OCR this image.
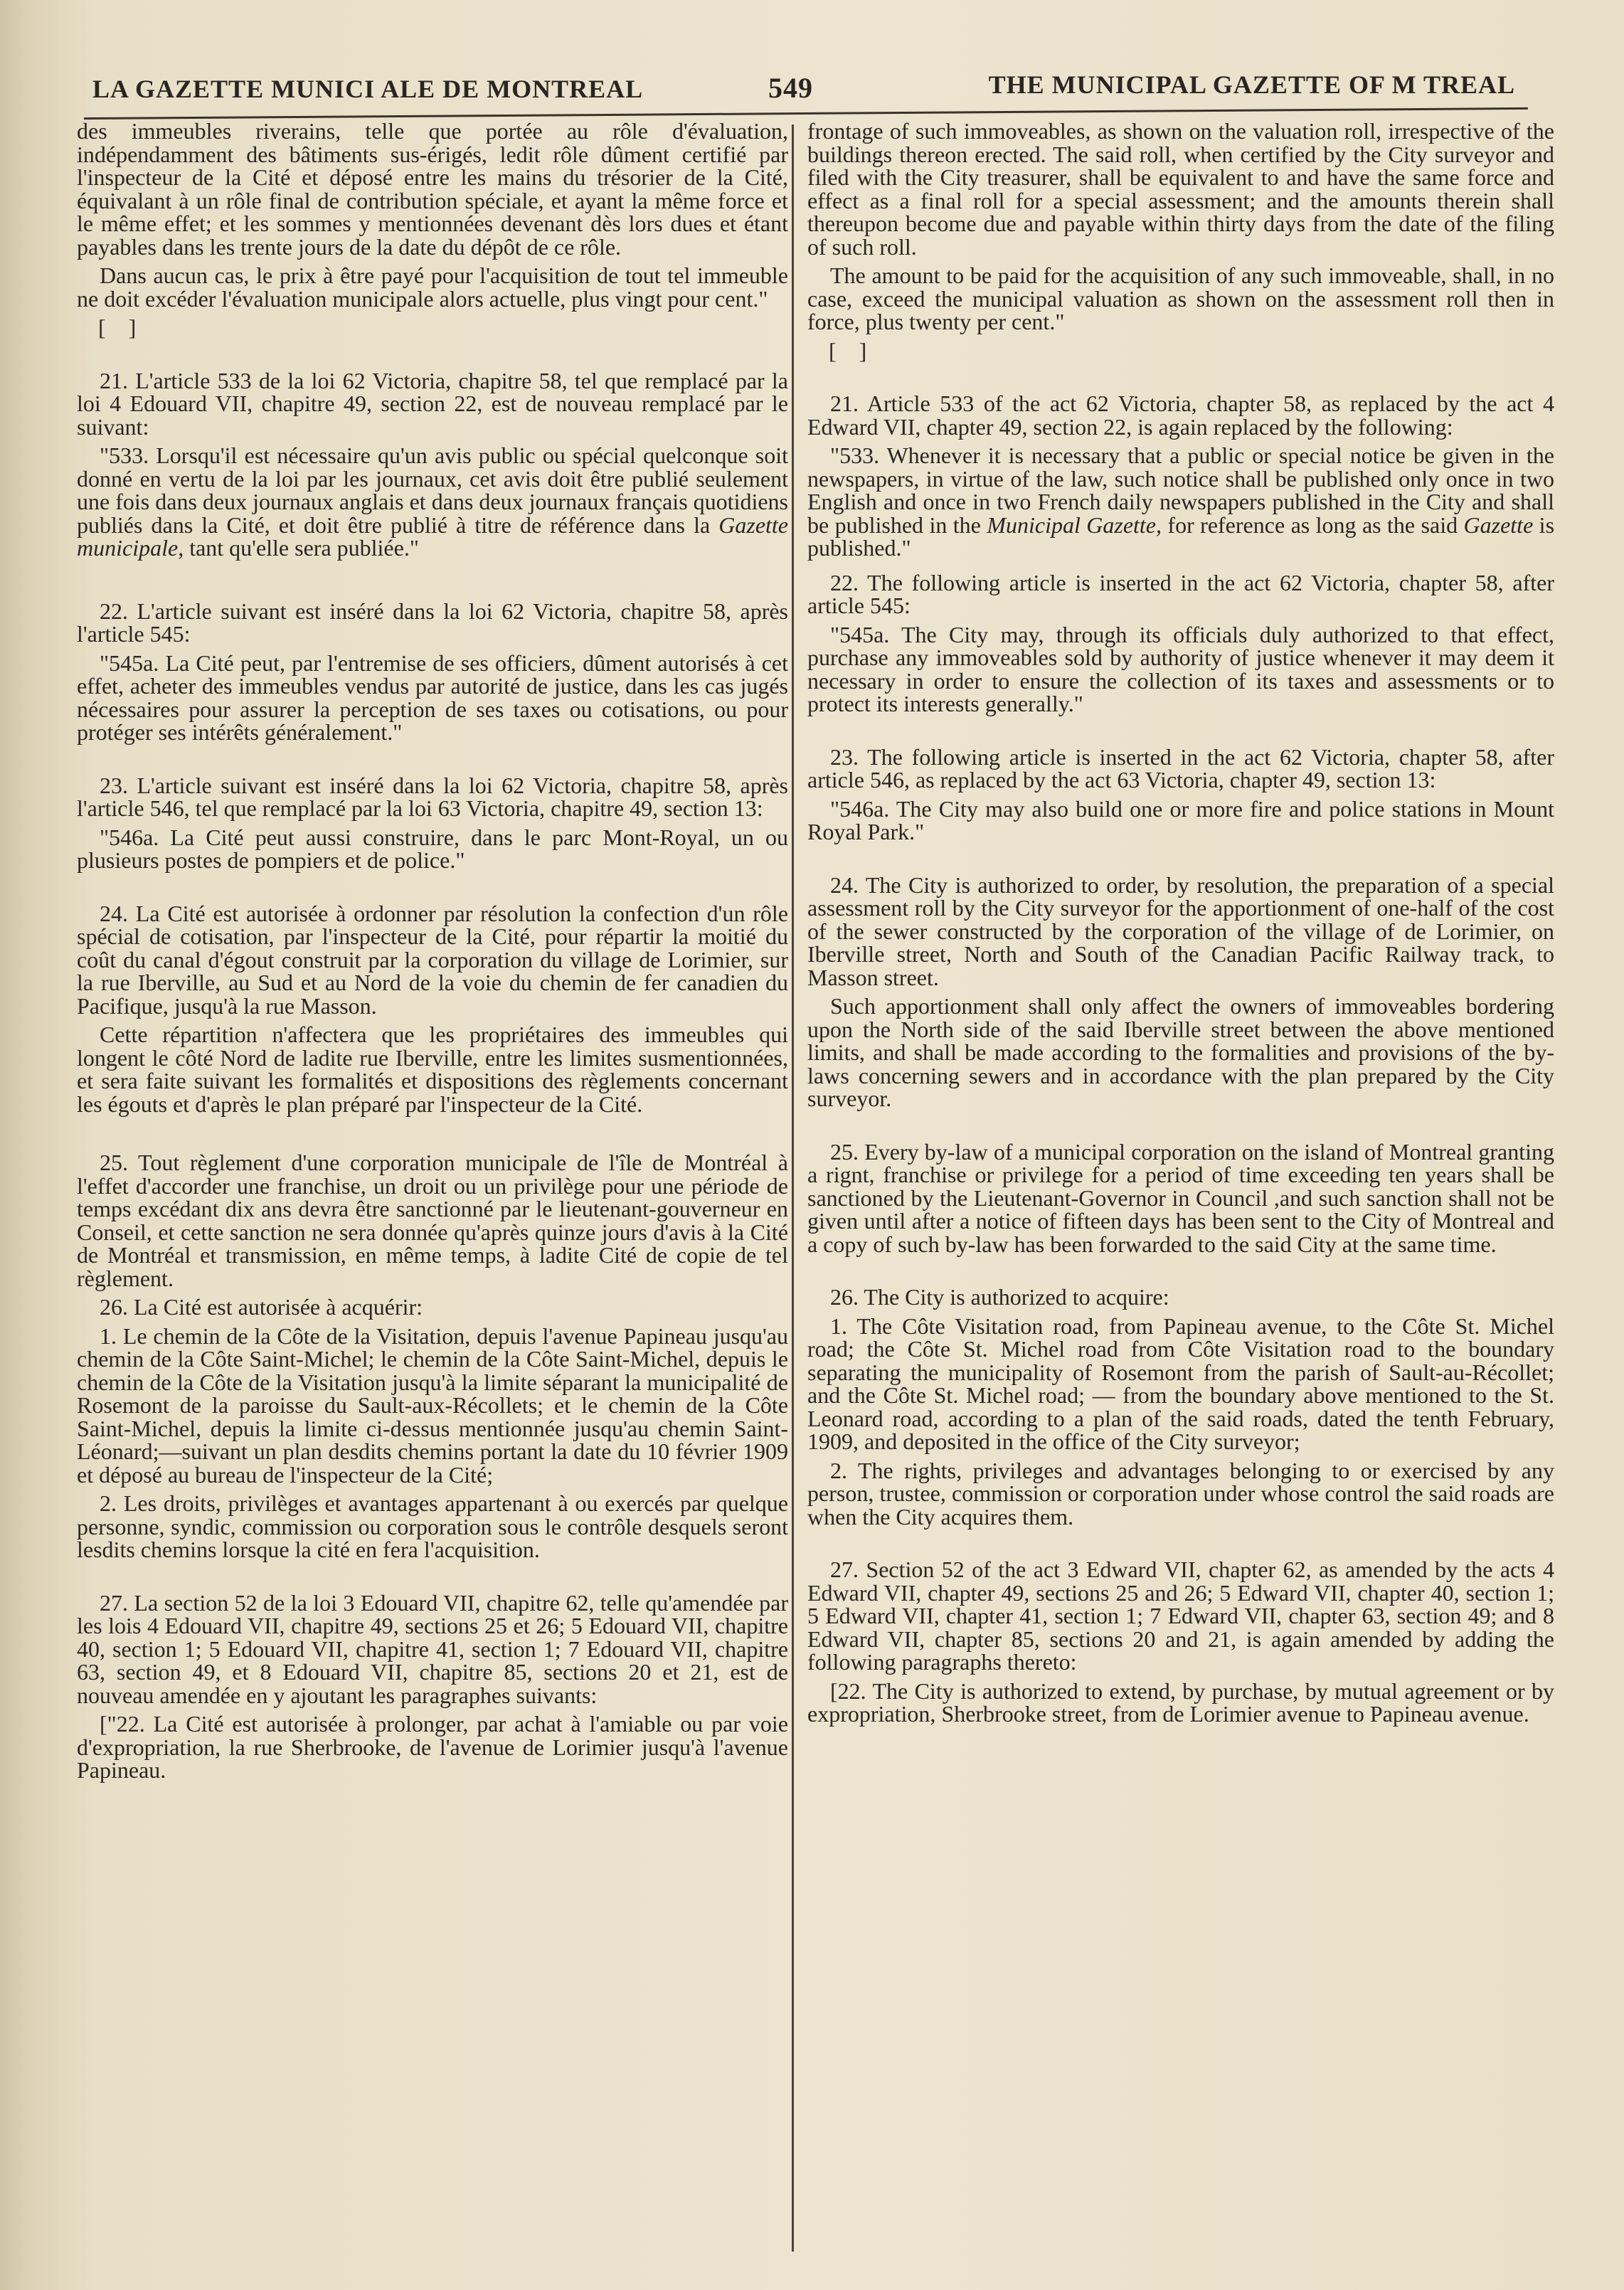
LA GAZETTE MUNICI ALE DE MONTREAL	549	THE MUNICIPAL GAZETTE OF M TREAL

des immeubles riverains, telle que portée au rôle d'évaluation, indépendamment des bâtiments sus-érigés, ledit rôle dûment certifié par l'inspecteur de la Cité et déposé entre les mains du trésorier de la Cité, équivalant à un rôle final de contribution spéciale, et ayant la même force et le même effet; et les sommes y mentionnées devenant dès lors dues et étant payables dans les trente jours de la date du dépôt de ce rôle.

Dans aucun cas, le prix à être payé pour l'acquisition de tout tel immeuble ne doit excéder l'évaluation municipale alors actuelle, plus vingt pour cent."

[ ]

21. L'article 533 de la loi 62 Victoria, chapitre 58, tel que remplacé par la loi 4 Edouard VII, chapitre 49, section 22, est de nouveau remplacé par le suivant:

"533. Lorsqu'il est nécessaire qu'un avis public ou spécial quelconque soit donné en vertu de la loi par les journaux, cet avis doit être publié seulement une fois dans deux journaux anglais et dans deux journaux français quotidiens publiés dans la Cité, et doit être publié à titre de référence dans la Gazette municipale, tant qu'elle sera publiée."

22. L'article suivant est inséré dans la loi 62 Victoria, chapitre 58, après l'article 545:

"545a. La Cité peut, par l'entremise de ses officiers, dûment autorisés à cet effet, acheter des immeubles vendus par autorité de justice, dans les cas jugés nécessaires pour assurer la perception de ses taxes ou cotisations, ou pour protéger ses intérêts généralement."

23. L'article suivant est inséré dans la loi 62 Victoria, chapitre 58, après l'article 546, tel que remplacé par la loi 63 Victoria, chapitre 49, section 13:

"546a. La Cité peut aussi construire, dans le parc Mont-Royal, un ou plusieurs postes de pompiers et de police."

24. La Cité est autorisée à ordonner par résolution la confection d'un rôle spécial de cotisation, par l'inspecteur de la Cité, pour répartir la moitié du coût du canal d'égout construit par la corporation du village de Lorimier, sur la rue Iberville, au Sud et au Nord de la voie du chemin de fer canadien du Pacifique, jusqu'à la rue Masson.

Cette répartition n'affectera que les propriétaires des immeubles qui longent le côté Nord de ladite rue Iberville, entre les limites susmentionnées, et sera faite suivant les formalités et dispositions des règlements concernant les égouts et d'après le plan préparé par l'inspecteur de la Cité.

25. Tout règlement d'une corporation municipale de l'île de Montréal à l'effet d'accorder une franchise, un droit ou un privilège pour une période de temps excédant dix ans devra être sanctionné par le lieutenant-gouverneur en Conseil, et cette sanction ne sera donnée qu'après quinze jours d'avis à la Cité de Montréal et transmission, en même temps, à ladite Cité de copie de tel règlement.

26. La Cité est autorisée à acquérir:

1. Le chemin de la Côte de la Visitation, depuis l'avenue Papineau jusqu'au chemin de la Côte Saint-Michel; le chemin de la Côte Saint-Michel, depuis le chemin de la Côte de la Visitation jusqu'à la limite séparant la municipalité de Rosemont de la paroisse du Sault-aux-Récollets; et le chemin de la Côte Saint-Michel, depuis la limite ci-dessus mentionnée jusqu'au chemin Saint-Léonard;—suivant un plan desdits chemins portant la date du 10 février 1909 et déposé au bureau de l'inspecteur de la Cité;

2. Les droits, privilèges et avantages appartenant à ou exercés par quelque personne, syndic, commission ou corporation sous le contrôle desquels seront lesdits chemins lorsque la cité en fera l'acquisition.

27. La section 52 de la loi 3 Edouard VII, chapitre 62, telle qu'amendée par les lois 4 Edouard VII, chapitre 49, sections 25 et 26; 5 Edouard VII, chapitre 40, section 1; 5 Edouard VII, chapitre 41, section 1; 7 Edouard VII, chapitre 63, section 49, et 8 Edouard VII, chapitre 85, sections 20 et 21, est de nouveau amendée en y ajoutant les paragraphes suivants:

["22. La Cité est autorisée à prolonger, par achat à l'amiable ou par voie d'expropriation, la rue Sherbrooke, de l'avenue de Lorimier jusqu'à l'avenue Papineau.

frontage of such immoveables, as shown on the valuation roll, irrespective of the buildings thereon erected. The said roll, when certified by the City surveyor and filed with the City treasurer, shall be equivalent to and have the same force and effect as a final roll for a special assessment; and the amounts therein shall thereupon become due and payable within thirty days from the date of the filing of such roll.

The amount to be paid for the acquisition of any such immoveable, shall, in no case, exceed the municipal valuation as shown on the assessment roll then in force, plus twenty per cent."

[ ]

21. Article 533 of the act 62 Victoria, chapter 58, as replaced by the act 4 Edward VII, chapter 49, section 22, is again replaced by the following:

"533. Whenever it is necessary that a public or special notice be given in the newspapers, in virtue of the law, such notice shall be published only once in two English and once in two French daily newspapers published in the City and shall be published in the Municipal Gazette, for reference as long as the said Gazette is published."

22. The following article is inserted in the act 62 Victoria, chapter 58, after article 545:

"545a. The City may, through its officials duly authorized to that effect, purchase any immoveables sold by authority of justice whenever it may deem it necessary in order to ensure the collection of its taxes and assessments or to protect its interests generally."

23. The following article is inserted in the act 62 Victoria, chapter 58, after article 546, as replaced by the act 63 Victoria, chapter 49, section 13:

"546a. The City may also build one or more fire and police stations in Mount Royal Park."

24. The City is authorized to order, by resolution, the preparation of a special assessment roll by the City surveyor for the apportionment of one-half of the cost of the sewer constructed by the corporation of the village of de Lorimier, on Iberville street, North and South of the Canadian Pacific Railway track, to Masson street.

Such apportionment shall only affect the owners of immoveables bordering upon the North side of the said Iberville street between the above mentioned limits, and shall be made according to the formalities and provisions of the by-laws concerning sewers and in accordance with the plan prepared by the City surveyor.

25. Every by-law of a municipal corporation on the island of Montreal granting a rignt, franchise or privilege for a period of time exceeding ten years shall be sanctioned by the Lieutenant-Governor in Council ,and such sanction shall not be given until after a notice of fifteen days has been sent to the City of Montreal and a copy of such by-law has been forwarded to the said City at the same time.

26. The City is authorized to acquire:

1. The Côte Visitation road, from Papineau avenue, to the Côte St. Michel road; the Côte St. Michel road from Côte Visitation road to the boundary separating the municipality of Rosemont from the parish of Sault-au-Récollet; and the Côte St. Michel road; — from the boundary above mentioned to the St. Leonard road, according to a plan of the said roads, dated the tenth February, 1909, and deposited in the office of the City surveyor;

2. The rights, privileges and advantages belonging to or exercised by any person, trustee, commission or corporation under whose control the said roads are when the City acquires them.

27. Section 52 of the act 3 Edward VII, chapter 62, as amended by the acts 4 Edward VII, chapter 49, sections 25 and 26; 5 Edward VII, chapter 40, section 1; 5 Edward VII, chapter 41, section 1; 7 Edward VII, chapter 63, section 49; and 8 Edward VII, chapter 85, sections 20 and 21, is again amended by adding the following paragraphs thereto:

[22. The City is authorized to extend, by purchase, by mutual agreement or by expropriation, Sherbrooke street, from de Lorimier avenue to Papineau avenue.
